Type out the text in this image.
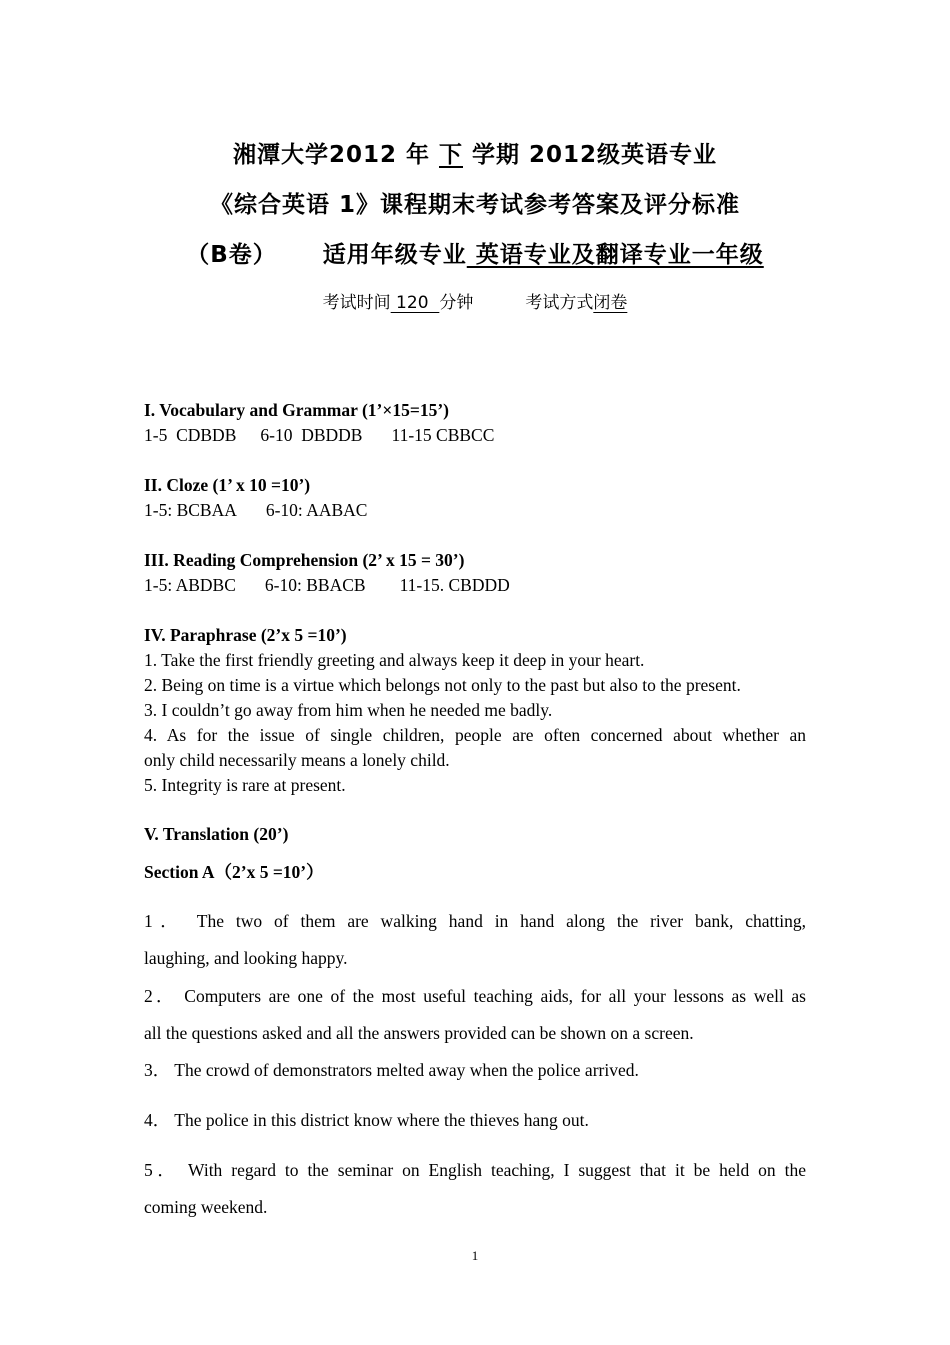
湘潭大学2012 年 下 学期 2012级英语专业
《综合英语 1》课程期末考试参考答案及评分标准
（B卷） 适用年级专业 英语专业及翻译专业一年级
考试时间 120  分钟	考试方式闭卷
I. Vocabulary and Grammar (1’×15=15’)
1-5  CDBDB 6-10  DBDDB 11-15 CBBCC
II. Cloze (1’ x 10 =10’)
1-5: BCBAA 6-10: AABAC
III. Reading Comprehension (2’ x 15 = 30’)
1-5: ABDBC 6-10: BBACB 11-15. CBDDD
IV. Paraphrase (2’x 5 =10’)
1. Take the first friendly greeting and always keep it deep in your heart.
2. Being on time is a virtue which belongs not only to the past but also to the present.
3. I couldn’t go away from him when he needed me badly.
4. As for the issue of single children, people are often concerned about whether an
only child necessarily means a lonely child.
5. Integrity is rare at present.
V. Translation (20’)
Section A（2’x 5 =10’）
1． The two of them are walking hand in hand along the river bank, chatting,
laughing, and looking happy.
2． Computers are one of the most useful teaching aids, for all your lessons as well as
all the questions asked and all the answers provided can be shown on a screen.
3． The crowd of demonstrators melted away when the police arrived.
4． The police in this district know where the thieves hang out.
5． With regard to the seminar on English teaching, I suggest that it be held on the
coming weekend.
1
